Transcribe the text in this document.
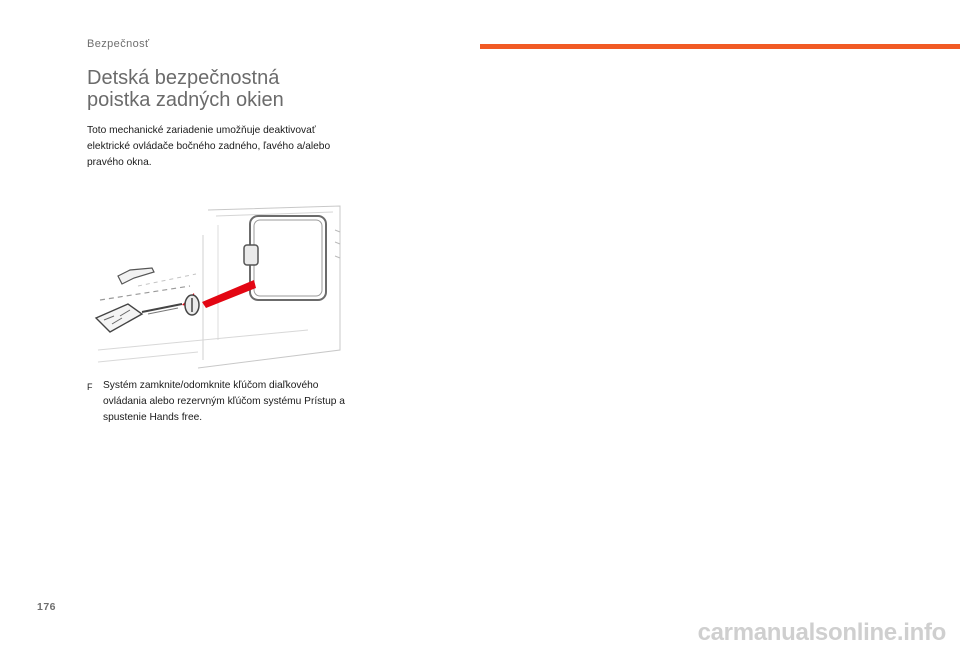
Bezpečnosť
Detská bezpečnostná
poistka zadných okien

Toto mechanické zariadenie umožňuje deaktivovať elektrické ovládače bočného zadného, ľavého a/alebo pravého okna.

F	Systém zamknite/odomknite kľúčom diaľkového ovládania alebo rezervným kľúčom systému Prístup a spustenie Hands free.
176
carmanualsonline.info
